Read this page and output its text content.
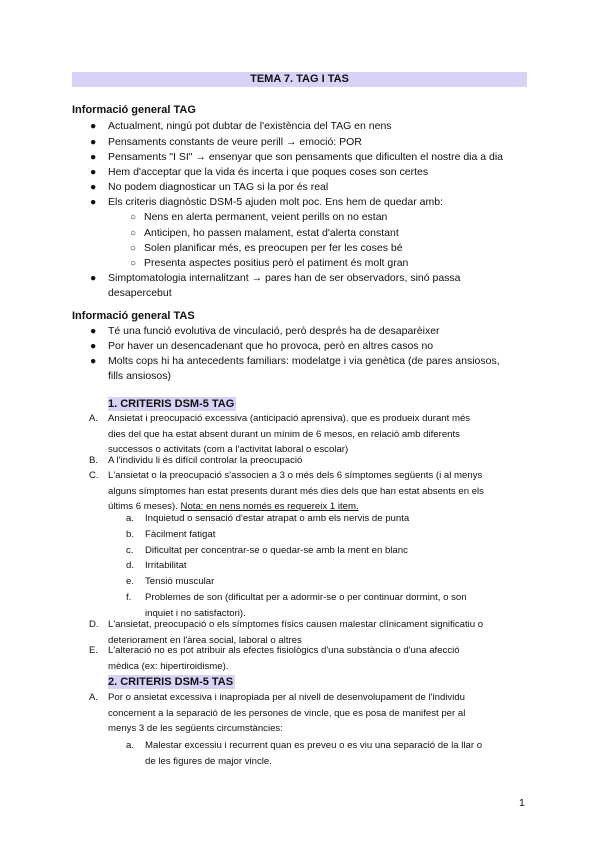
TEMA 7. TAG I TAS
Informació general TAG
● Actualment, ningú pot dubtar de l'existència del TAG en nens
● Pensaments constants de veure perill → emoció: POR
● Pensaments "I SI" → ensenyar que son pensaments que dificulten el nostre dia a dia
● Hem d'acceptar que la vida és incerta i que poques coses son certes
● No podem diagnosticar un TAG si la por és real
● Els criteris diagnòstic DSM-5 ajuden molt poc. Ens hem de quedar amb:
○ Nens en alerta permanent, veient perills on no estan
○ Anticipen, ho passen malament, estat d'alerta constant
○ Solen planificar més, es preocupen per fer les coses bé
○ Presenta aspectes positius però el patiment és molt gran
● Simptomatologia internalitzant → pares han de ser observadors, sinó passa
desapercebut
Informació general TAS
● Té una funció evolutiva de vinculació, però després ha de desaparèixer
● Por haver un desencadenant que ho provoca, però en altres casos no
● Molts cops hi ha antecedents familiars: modelatge i via genètica (de pares ansiosos,
fills ansiosos)
1. CRITERIS DSM-5 TAG
A. Ansietat i preocupació excessiva (anticipació aprensiva). que es produeix durant més
dies del que ha estat absent durant un mínim de 6 mesos, en relació amb diferents
successos o activitats (com a l'activitat laboral o escolar)
B. A l'individu li és difícil controlar la preocupació
C. L'ansietat o la preocupació s'associen a 3 o més dels 6 símptomes següents (i al menys
alguns símptomes han estat presents durant més dies dels que han estat absents en els
últims 6 meses). Nota: en nens només es requereix 1 item.
a. Inquietud o sensació d'estar atrapat o amb els nervis de punta
b. Fàcilment fatigat
c. Dificultat per concentrar-se o quedar-se amb la ment en blanc
d. Irritabilitat
e. Tensió muscular
f. Problemes de son (dificultat per a adormir-se o per continuar dormint, o son
inquiet i no satisfactori).
D. L'ansietat, preocupació o els símptomes físics causen malestar clínicament significatiu o
deteriorament en l'àrea social, laboral o altres
E. L'alteració no es pot atribuir als efectes fisiològics d'una substància o d'una afecció
mèdica (ex: hipertiroidisme).
2. CRITERIS DSM-5 TAS
A. Por o ansietat excessiva i inapropiada per al nivell de desenvolupament de l'individu
concernent a la separació de les persones de vincle, que es posa de manifest per al
menys 3 de les següents circumstàncies:
a. Malestar excessiu i recurrent quan es preveu o es viu una separació de la llar o
de les figures de major vincle.
1
